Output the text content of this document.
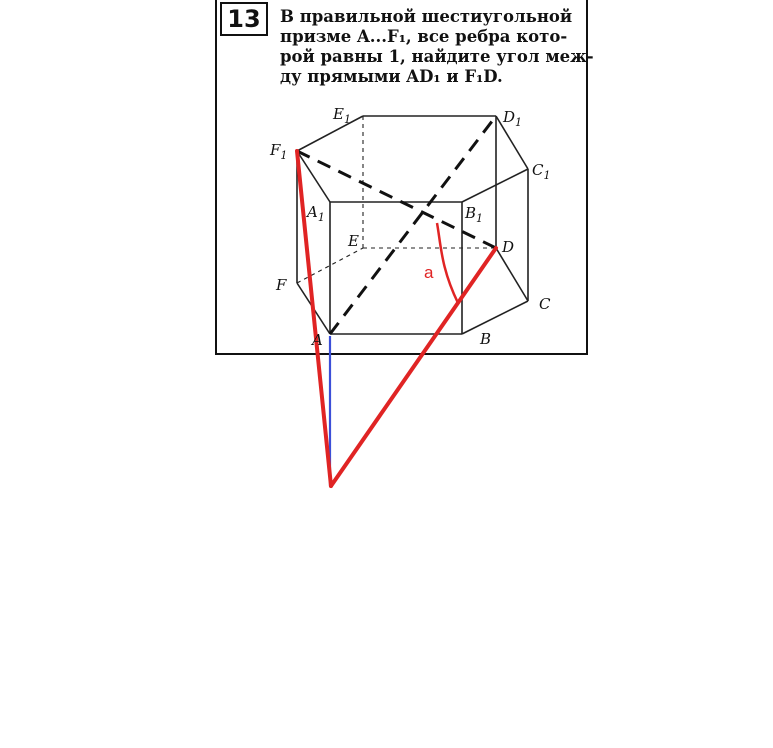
13 В правильной шестиугольной
призме A...F₁, все ребра кото-
рой равны 1, найдите угол меж-
ду прямыми AD₁ и F₁D.
a
$F_1$
$E_1$	$D_1$
$C_1$
$A_1$	$B_1$
E	D
F
C
B
A
